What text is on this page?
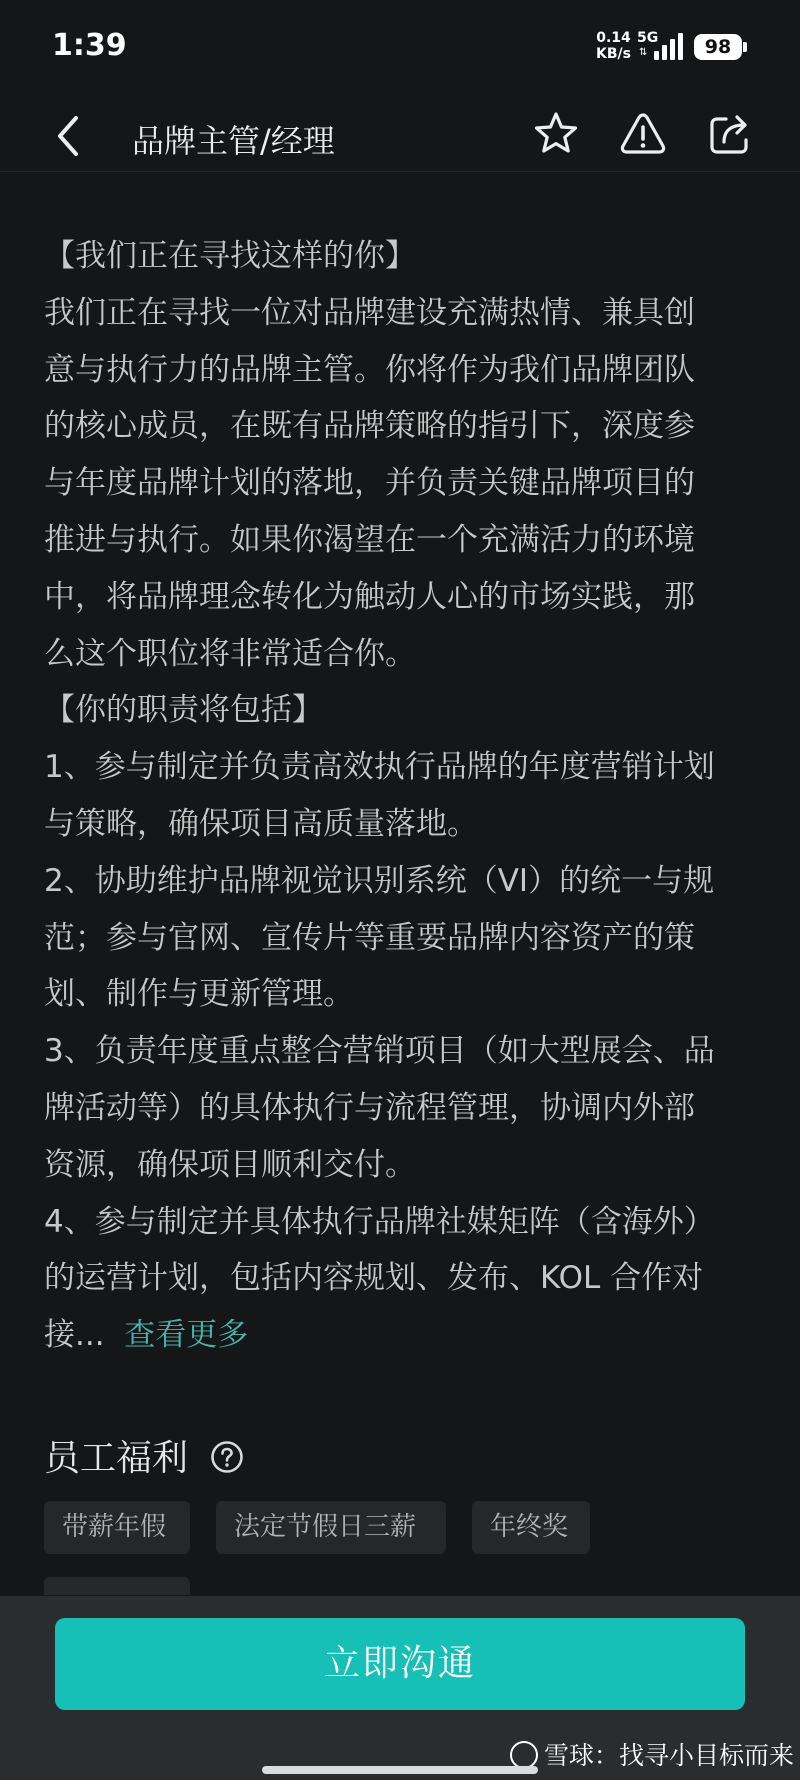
1:39	0.14
KB/s
5G
⇅	98
品牌主管/经理

【我们正在寻找这样的你】

我们正在寻找一位对品牌建设充满热情、兼具创

意与执行力的品牌主管。你将作为我们品牌团队

的核心成员，在既有品牌策略的指引下，深度参

与年度品牌计划的落地，并负责关键品牌项目的

推进与执行。如果你渴望在一个充满活力的环境

中，将品牌理念转化为触动人心的市场实践，那

么这个职位将非常适合你。

【你的职责将包括】

1、参与制定并负责高效执行品牌的年度营销计划

与策略，确保项目高质量落地。

2、协助维护品牌视觉识别系统（VI）的统一与规

范；参与官网、宣传片等重要品牌内容资产的策

划、制作与更新管理。

3、负责年度重点整合营销项目（如大型展会、品

牌活动等）的具体执行与流程管理，协调内外部

资源，确保项目顺利交付。

4、参与制定并具体执行品牌社媒矩阵（含海外）

的运营计划，包括内容规划、发布、KOL 合作对

接... 查看更多

员工福利
带薪年假	法定节假日三薪	年终奖
立即沟通
雪球：找寻小目标而来
